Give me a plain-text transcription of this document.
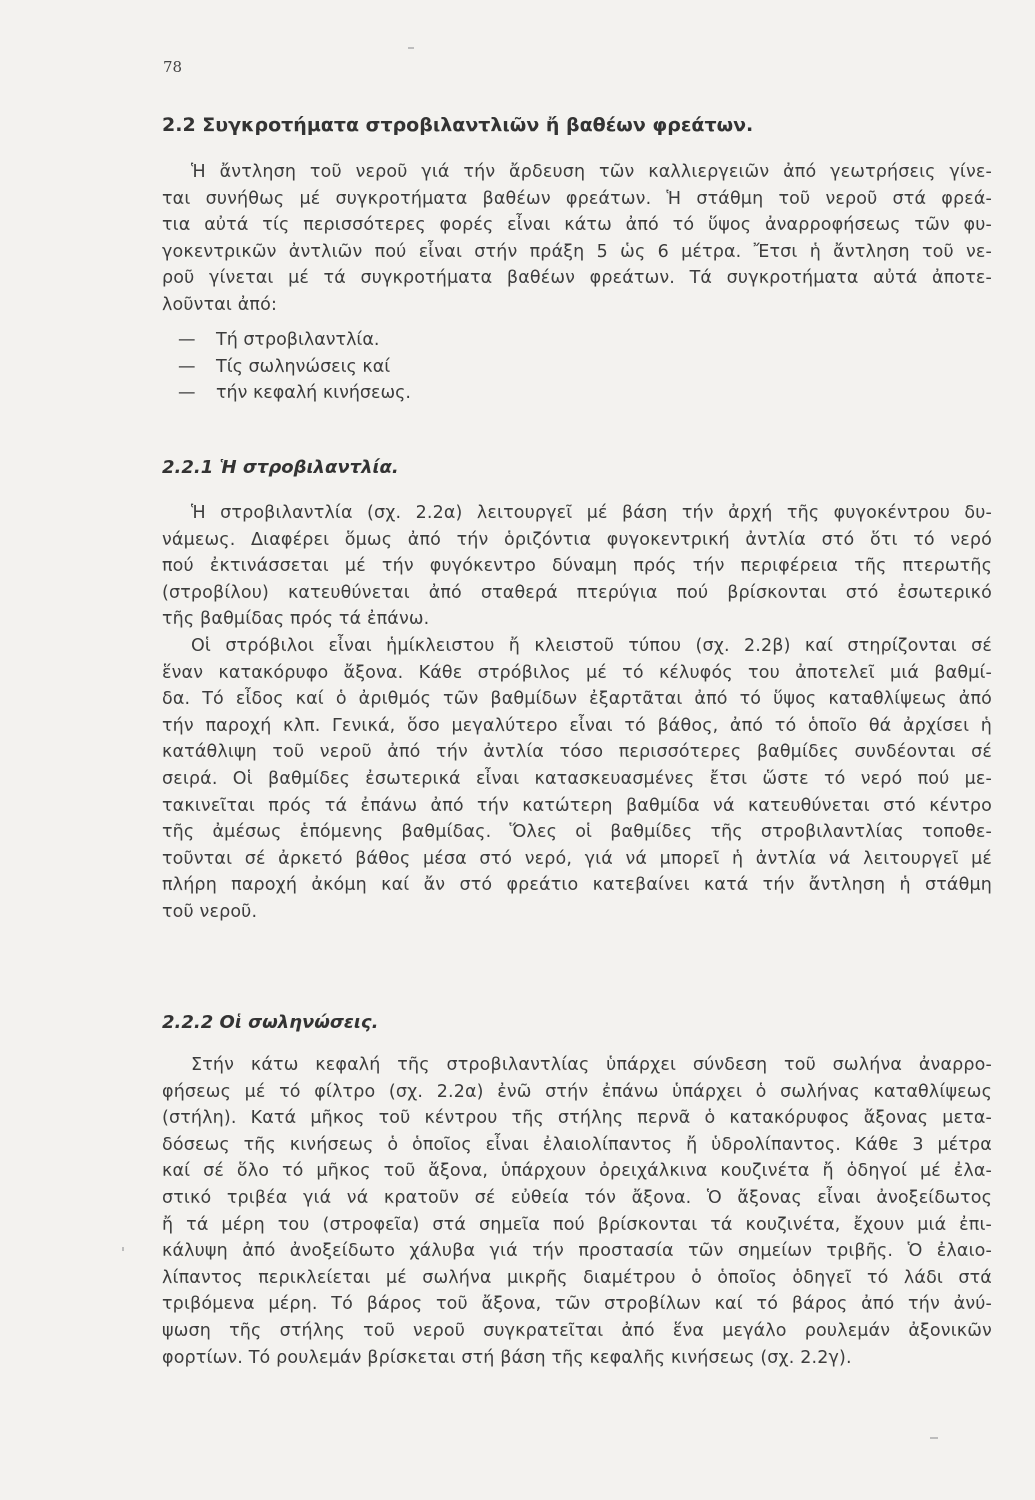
78
2.2 Συγκροτήματα στροβιλαντλιῶν ἤ βαθέων φρεάτων.
Ἡ ἄντληση τοῦ νεροῦ γιά τήν ἄρδευση τῶν καλλιεργειῶν ἀπό γεωτρήσεις γίνε-
ται συνήθως μέ συγκροτήματα βαθέων φρεάτων. Ἡ στάθμη τοῦ νεροῦ στά φρεά-
τια αὐτά τίς περισσότερες φορές εἶναι κάτω ἀπό τό ὕψος ἀναρροφήσεως τῶν φυ-
γοκεντρικῶν ἀντλιῶν πού εἶναι στήν πράξη 5 ὡς 6 μέτρα. Ἔτσι ἡ ἄντληση τοῦ νε-
ροῦ γίνεται μέ τά συγκροτήματα βαθέων φρεάτων. Τά συγκροτήματα αὐτά ἀποτε-
λοῦνται ἀπό:
— Τή στροβιλαντλία.
— Τίς σωληνώσεις καί
— τήν κεφαλή κινήσεως.
2.2.1 Ἡ στροβιλαντλία.
Ἡ στροβιλαντλία (σχ. 2.2α) λειτουργεῖ μέ βάση τήν ἀρχή τῆς φυγοκέντρου δυ-
νάμεως. Διαφέρει ὅμως ἀπό τήν ὁριζόντια φυγοκεντρική ἀντλία στό ὅτι τό νερό
πού ἐκτινάσσεται μέ τήν φυγόκεντρο δύναμη πρός τήν περιφέρεια τῆς πτερωτῆς
(στροβίλου) κατευθύνεται ἀπό σταθερά πτερύγια πού βρίσκονται στό ἐσωτερικό
τῆς βαθμίδας πρός τά ἐπάνω.
Οἱ στρόβιλοι εἶναι ἡμίκλειστου ἤ κλειστοῦ τύπου (σχ. 2.2β) καί στηρίζονται σέ
ἕναν κατακόρυφο ἄξονα. Κάθε στρόβιλος μέ τό κέλυφός του ἀποτελεῖ μιά βαθμί-
δα. Τό εἶδος καί ὁ ἀριθμός τῶν βαθμίδων ἐξαρτᾶται ἀπό τό ὕψος καταθλίψεως ἀπό
τήν παροχή κλπ. Γενικά, ὅσο μεγαλύτερο εἶναι τό βάθος, ἀπό τό ὁποῖο θά ἀρχίσει ἡ
κατάθλιψη τοῦ νεροῦ ἀπό τήν ἀντλία τόσο περισσότερες βαθμίδες συνδέονται σέ
σειρά. Οἱ βαθμίδες ἐσωτερικά εἶναι κατασκευασμένες ἔτσι ὥστε τό νερό πού με-
τακινεῖται πρός τά ἐπάνω ἀπό τήν κατώτερη βαθμίδα νά κατευθύνεται στό κέντρο
τῆς ἀμέσως ἑπόμενης βαθμίδας. Ὅλες οἱ βαθμίδες τῆς στροβιλαντλίας τοποθε-
τοῦνται σέ ἀρκετό βάθος μέσα στό νερό, γιά νά μπορεῖ ἡ ἀντλία νά λειτουργεῖ μέ
πλήρη παροχή ἀκόμη καί ἄν στό φρεάτιο κατεβαίνει κατά τήν ἄντληση ἡ στάθμη
τοῦ νεροῦ.
2.2.2 Οἱ σωληνώσεις.
Στήν κάτω κεφαλή τῆς στροβιλαντλίας ὑπάρχει σύνδεση τοῦ σωλήνα ἀναρρο-
φήσεως μέ τό φίλτρο (σχ. 2.2α) ἐνῶ στήν ἐπάνω ὑπάρχει ὁ σωλήνας καταθλίψεως
(στήλη). Κατά μῆκος τοῦ κέντρου τῆς στήλης περνᾶ ὁ κατακόρυφος ἄξονας μετα-
δόσεως τῆς κινήσεως ὁ ὁποῖος εἶναι ἐλαιολίπαντος ἤ ὑδρολίπαντος. Κάθε 3 μέτρα
καί σέ ὅλο τό μῆκος τοῦ ἄξονα, ὑπάρχουν ὀρειχάλκινα κουζινέτα ἤ ὁδηγοί μέ ἐλα-
στικό τριβέα γιά νά κρατοῦν σέ εὐθεία τόν ἄξονα. Ὁ ἄξονας εἶναι ἀνοξείδωτος
ἤ τά μέρη του (στροφεῖα) στά σημεῖα πού βρίσκονται τά κουζινέτα, ἔχουν μιά ἐπι-
κάλυψη ἀπό ἀνοξείδωτο χάλυβα γιά τήν προστασία τῶν σημείων τριβῆς. Ὁ ἐλαιο-
λίπαντος περικλείεται μέ σωλήνα μικρῆς διαμέτρου ὁ ὁποῖος ὁδηγεῖ τό λάδι στά
τριβόμενα μέρη. Τό βάρος τοῦ ἄξονα, τῶν στροβίλων καί τό βάρος ἀπό τήν ἀνύ-
ψωση τῆς στήλης τοῦ νεροῦ συγκρατεῖται ἀπό ἕνα μεγάλο ρουλεμάν ἀξονικῶν
φορτίων. Τό ρουλεμάν βρίσκεται στή βάση τῆς κεφαλῆς κινήσεως (σχ. 2.2γ).
